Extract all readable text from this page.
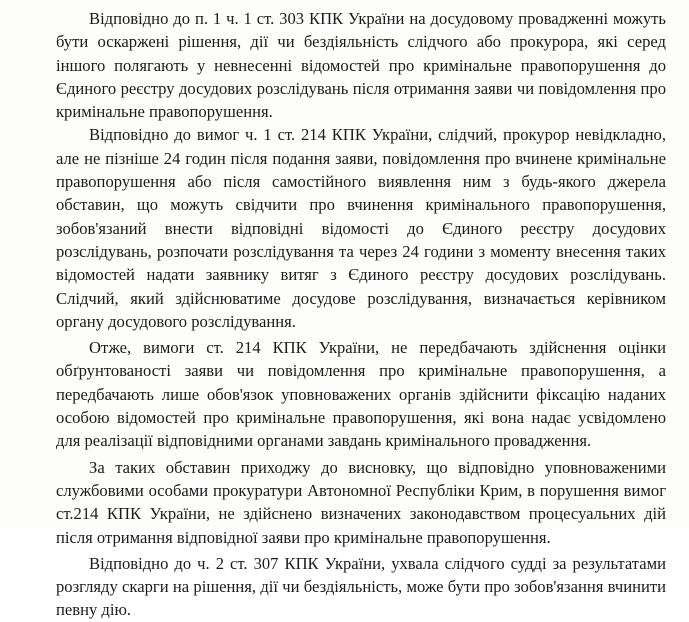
Відповідно до п. 1 ч. 1 ст. 303 КПК України на досудовому провадженні можуть бути оскаржені рішення, дії чи бездіяльність слідчого або прокурора, які серед іншого полягають у невнесенні відомостей про кримінальне правопорушення до Єдиного реєстру досудових розслідувань після отримання заяви чи повідомлення про кримінальне правопорушення.

Відповідно до вимог ч. 1 ст. 214 КПК України, слідчий, прокурор невідкладно, але не пізніше 24 годин після подання заяви, повідомлення про вчинене кримінальне правопорушення або після самостійного виявлення ним з будь-якого джерела обставин, що можуть свідчити про вчинення кримінального правопорушення, зобов'язаний внести відповідні відомості до Єдиного реєстру досудових розслідувань, розпочати розслідування та через 24 години з моменту внесення таких відомостей надати заявнику витяг з Єдиного реєстру досудових розслідувань. Слідчий, який здійснюватиме досудове розслідування, визначається керівником органу досудового розслідування.

Отже, вимоги ст. 214 КПК України, не передбачають здійснення оцінки обґрунтованості заяви чи повідомлення про кримінальне правопорушення, а передбачають лише обов'язок уповноважених органів здійснити фіксацію наданих особою відомостей про кримінальне правопорушення, які вона надає усвідомлено для реалізації відповідними органами завдань кримінального провадження.

За таких обставин приходжу до висновку, що відповідно уповноваженими службовими особами прокуратури Автономної Республіки Крим, в порушення вимог ст.214 КПК України, не здійснено визначених законодавством процесуальних дій після отримання відповідної заяви про кримінальне правопорушення.

Відповідно до ч. 2 ст. 307 КПК України, ухвала слідчого судді за результатами розгляду скарги на рішення, дії чи бездіяльність, може бути про зобов'язання вчинити певну дію.
